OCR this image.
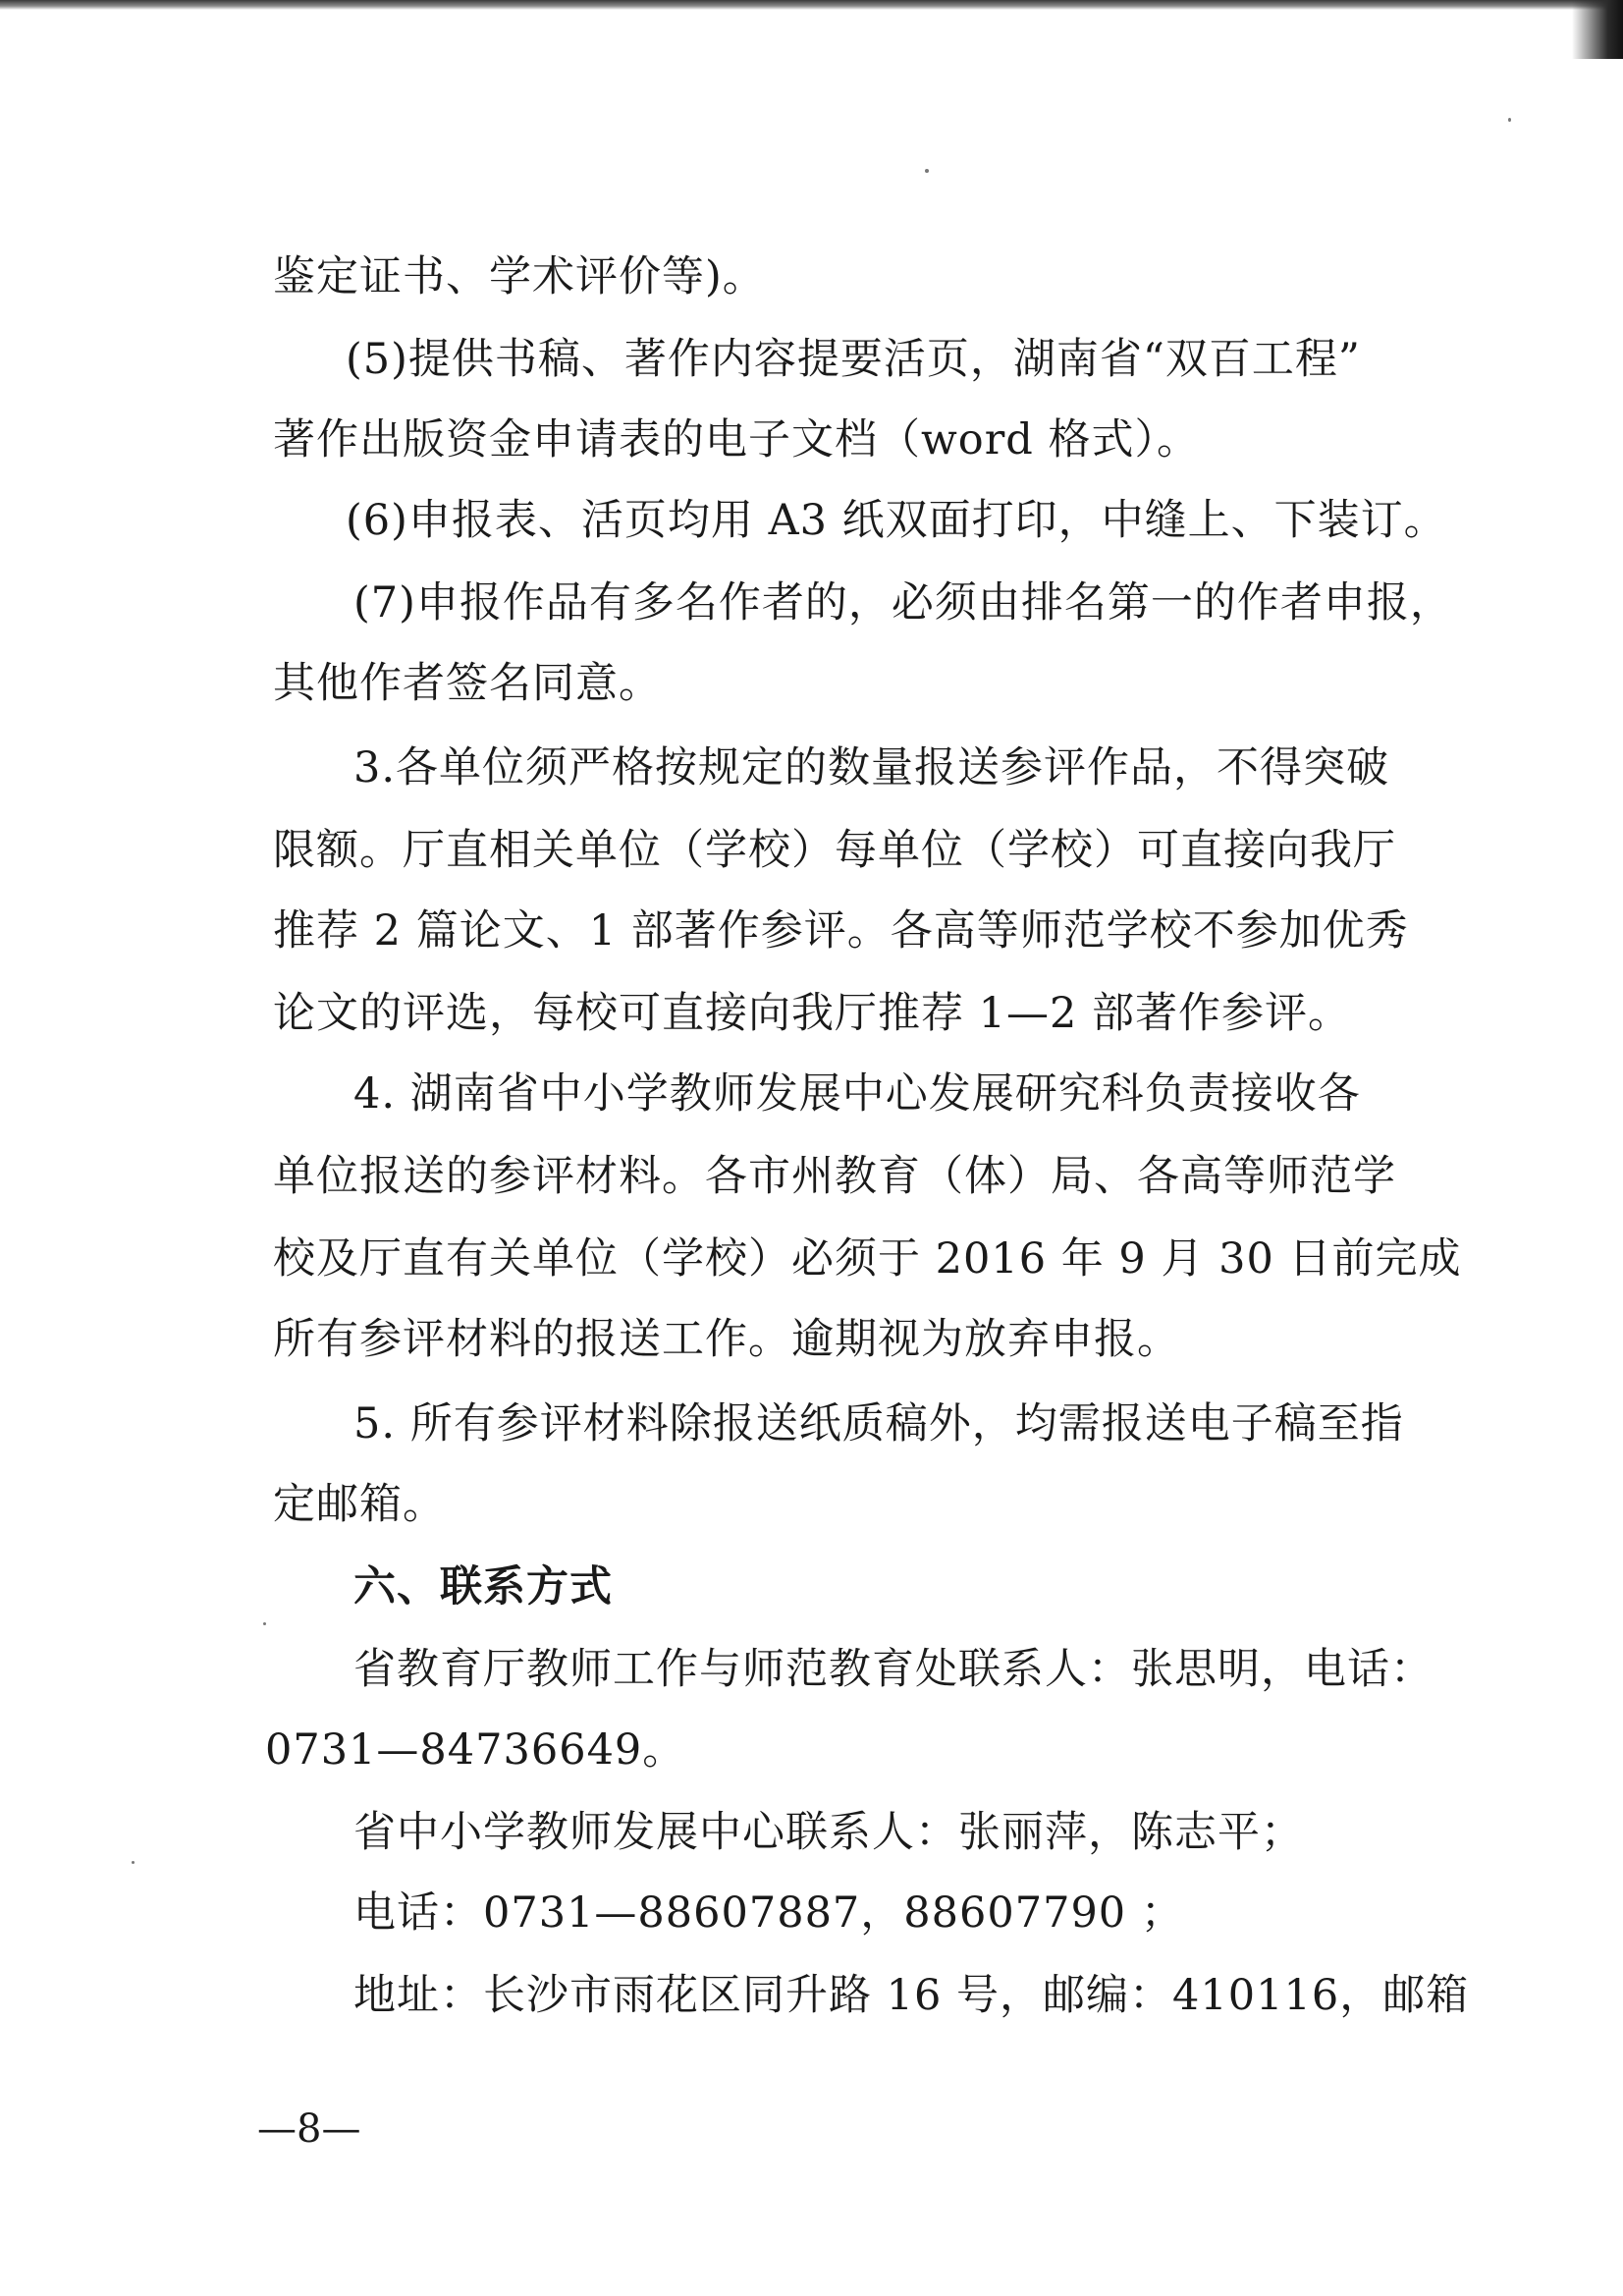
鉴定证书、学术评价等)。
(5)提供书稿、著作内容提要活页，湖南省“双百工程”
著作出版资金申请表的电子文档（word 格式）。
(6)申报表、活页均用 A3 纸双面打印，中缝上、下装订。
(7)申报作品有多名作者的，必须由排名第一的作者申报，
其他作者签名同意。
3.各单位须严格按规定的数量报送参评作品，不得突破
限额。厅直相关单位（学校）每单位（学校）可直接向我厅
推荐 2 篇论文、1 部著作参评。各高等师范学校不参加优秀
论文的评选，每校可直接向我厅推荐 1—2 部著作参评。
4. 湖南省中小学教师发展中心发展研究科负责接收各
单位报送的参评材料。各市州教育（体）局、各高等师范学
校及厅直有关单位（学校）必须于 2016 年 9 月 30 日前完成
所有参评材料的报送工作。逾期视为放弃申报。
5. 所有参评材料除报送纸质稿外，均需报送电子稿至指
定邮箱。
六、联系方式
省教育厅教师工作与师范教育处联系人：张思明，电话：
0731—84736649。
省中小学教师发展中心联系人：张丽萍，陈志平；
电话：0731—88607887，88607790 ；
地址：长沙市雨花区同升路 16 号，邮编：410116，邮箱
—8—
